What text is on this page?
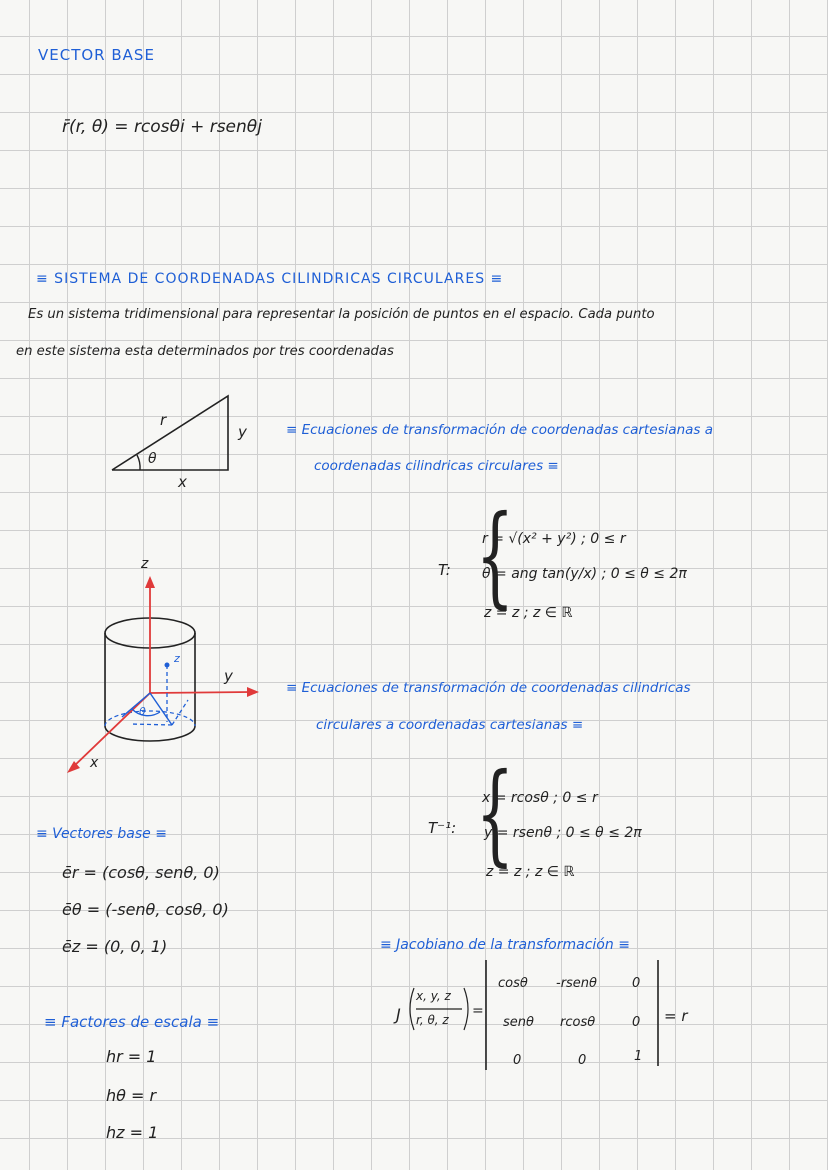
VECTOR BASE
r̄(r, θ) = rcosθi + rsenθj
≡ SISTEMA DE COORDENADAS CILINDRICAS CIRCULARES ≡
Es un sistema tridimensional para representar la posición de puntos en el espacio. Cada punto
en este sistema esta determinados por tres coordenadas
r
y
x
θ
≡ Ecuaciones de transformación de coordenadas cartesianas a
coordenadas cilindricas circulares ≡
T: {
r = √(x² + y²) ; 0 ≤ r
θ = ang tan(y/x) ; 0 ≤ θ ≤ 2π
z = z ; z ∈ ℝ
z
y
x
z
θ
≡ Ecuaciones de transformación de coordenadas cilindricas
circulares a coordenadas cartesianas ≡
T⁻¹: {
x = rcosθ ; 0 ≤ r
y = rsenθ ; 0 ≤ θ ≤ 2π
z = z ; z ∈ ℝ
≡ Vectores base ≡
ēr = (cosθ, senθ, 0)
ēθ = (-senθ, cosθ, 0)
ēz = (0, 0, 1)	≡ Jacobiano de la transformación ≡
J
x, y, z
r, θ, z
=
cosθ -rsenθ	0
senθ rcosθ	0
0	0	1
= r
≡ Factores de escala ≡
hr = 1
hθ = r
hz = 1
